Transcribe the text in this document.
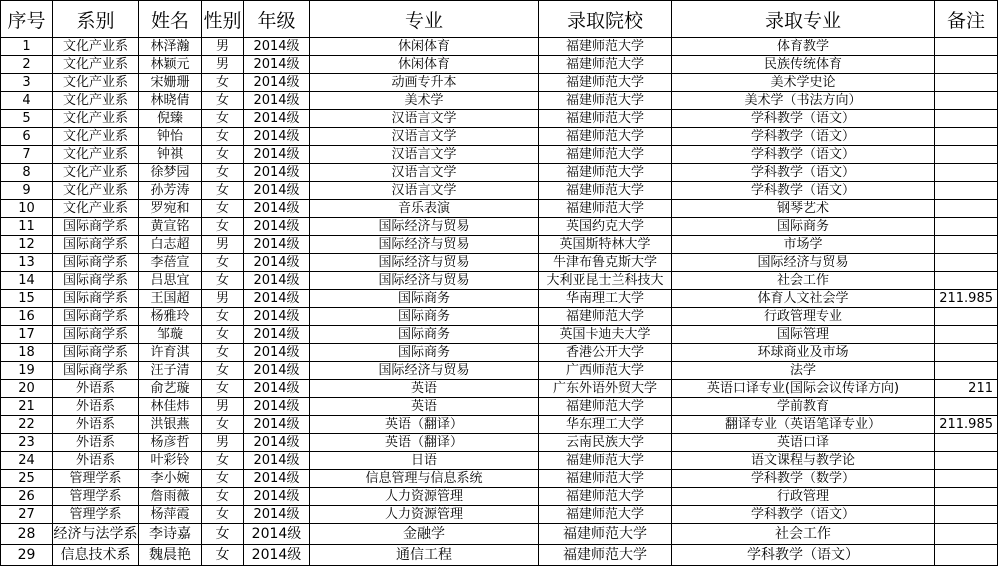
序号	系别	姓名	性别	年级	专业	录取院校	录取专业	备注
1	文化产业系	林泽瀚	男	2014级	休闲体育	福建师范大学	体育教学	
2	文化产业系	林颖元	男	2014级	休闲体育	福建师范大学	民族传统体育	
3	文化产业系	宋姗珊	女	2014级	动画专升本	福建师范大学	美术学史论	
4	文化产业系	林晓倩	女	2014级	美术学	福建师范大学	美术学（书法方向）	
5	文化产业系	倪臻	女	2014级	汉语言文学	福建师范大学	学科教学（语文）	
6	文化产业系	钟怡	女	2014级	汉语言文学	福建师范大学	学科教学（语文）	
7	文化产业系	钟祺	女	2014级	汉语言文学	福建师范大学	学科教学（语文）	
8	文化产业系	徐梦园	女	2014级	汉语言文学	福建师范大学	学科教学（语文）	
9	文化产业系	孙芳涛	女	2014级	汉语言文学	福建师范大学	学科教学（语文）	
10	文化产业系	罗宛和	女	2014级	音乐表演	福建师范大学	钢琴艺术	
11	国际商学系	黄宣铭	女	2014级	国际经济与贸易	英国约克大学	国际商务	
12	国际商学系	白志超	男	2014级	国际经济与贸易	英国斯特林大学	市场学	
13	国际商学系	李蓓宣	女	2014级	国际经济与贸易	牛津布鲁克斯大学	国际经济与贸易	
14	国际商学系	吕思宜	女	2014级	国际经济与贸易	大利亚昆士兰科技大	社会工作	
15	国际商学系	王国超	男	2014级	国际商务	华南理工大学	体育人文社会学	211.985
16	国际商学系	杨雅玲	女	2014级	国际商务	福建师范大学	行政管理专业	
17	国际商学系	邹璇	女	2014级	国际商务	英国卡迪夫大学	国际管理	
18	国际商学系	许育淇	女	2014级	国际商务	香港公开大学	环球商业及市场	
19	国际商学系	汪子清	女	2014级	国际经济与贸易	广西师范大学	法学	
20	外语系	俞艺璇	女	2014级	英语	广东外语外贸大学	英语口译专业(国际会议传译方向)	211
21	外语系	林佳炜	男	2014级	英语	福建师范大学	学前教育	
22	外语系	洪银燕	女	2014级	英语（翻译）	华东理工大学	翻译专业（英语笔译专业）	211.985
23	外语系	杨彦哲	男	2014级	英语（翻译）	云南民族大学	英语口译	
24	外语系	叶彩铃	女	2014级	日语	福建师范大学	语文课程与教学论	
25	管理学系	李小婉	女	2014级	信息管理与信息系统	福建师范大学	学科教学（数学）	
26	管理学系	詹雨薇	女	2014级	人力资源管理	福建师范大学	行政管理	
27	管理学系	杨萍霞	女	2014级	人力资源管理	福建师范大学	学科教学（语文）	
28	经济与法学系	李诗嘉	女	2014级	金融学	福建师范大学	社会工作	
29	信息技术系	魏晨艳	女	2014级	通信工程	福建师范大学	学科教学（语文）	
